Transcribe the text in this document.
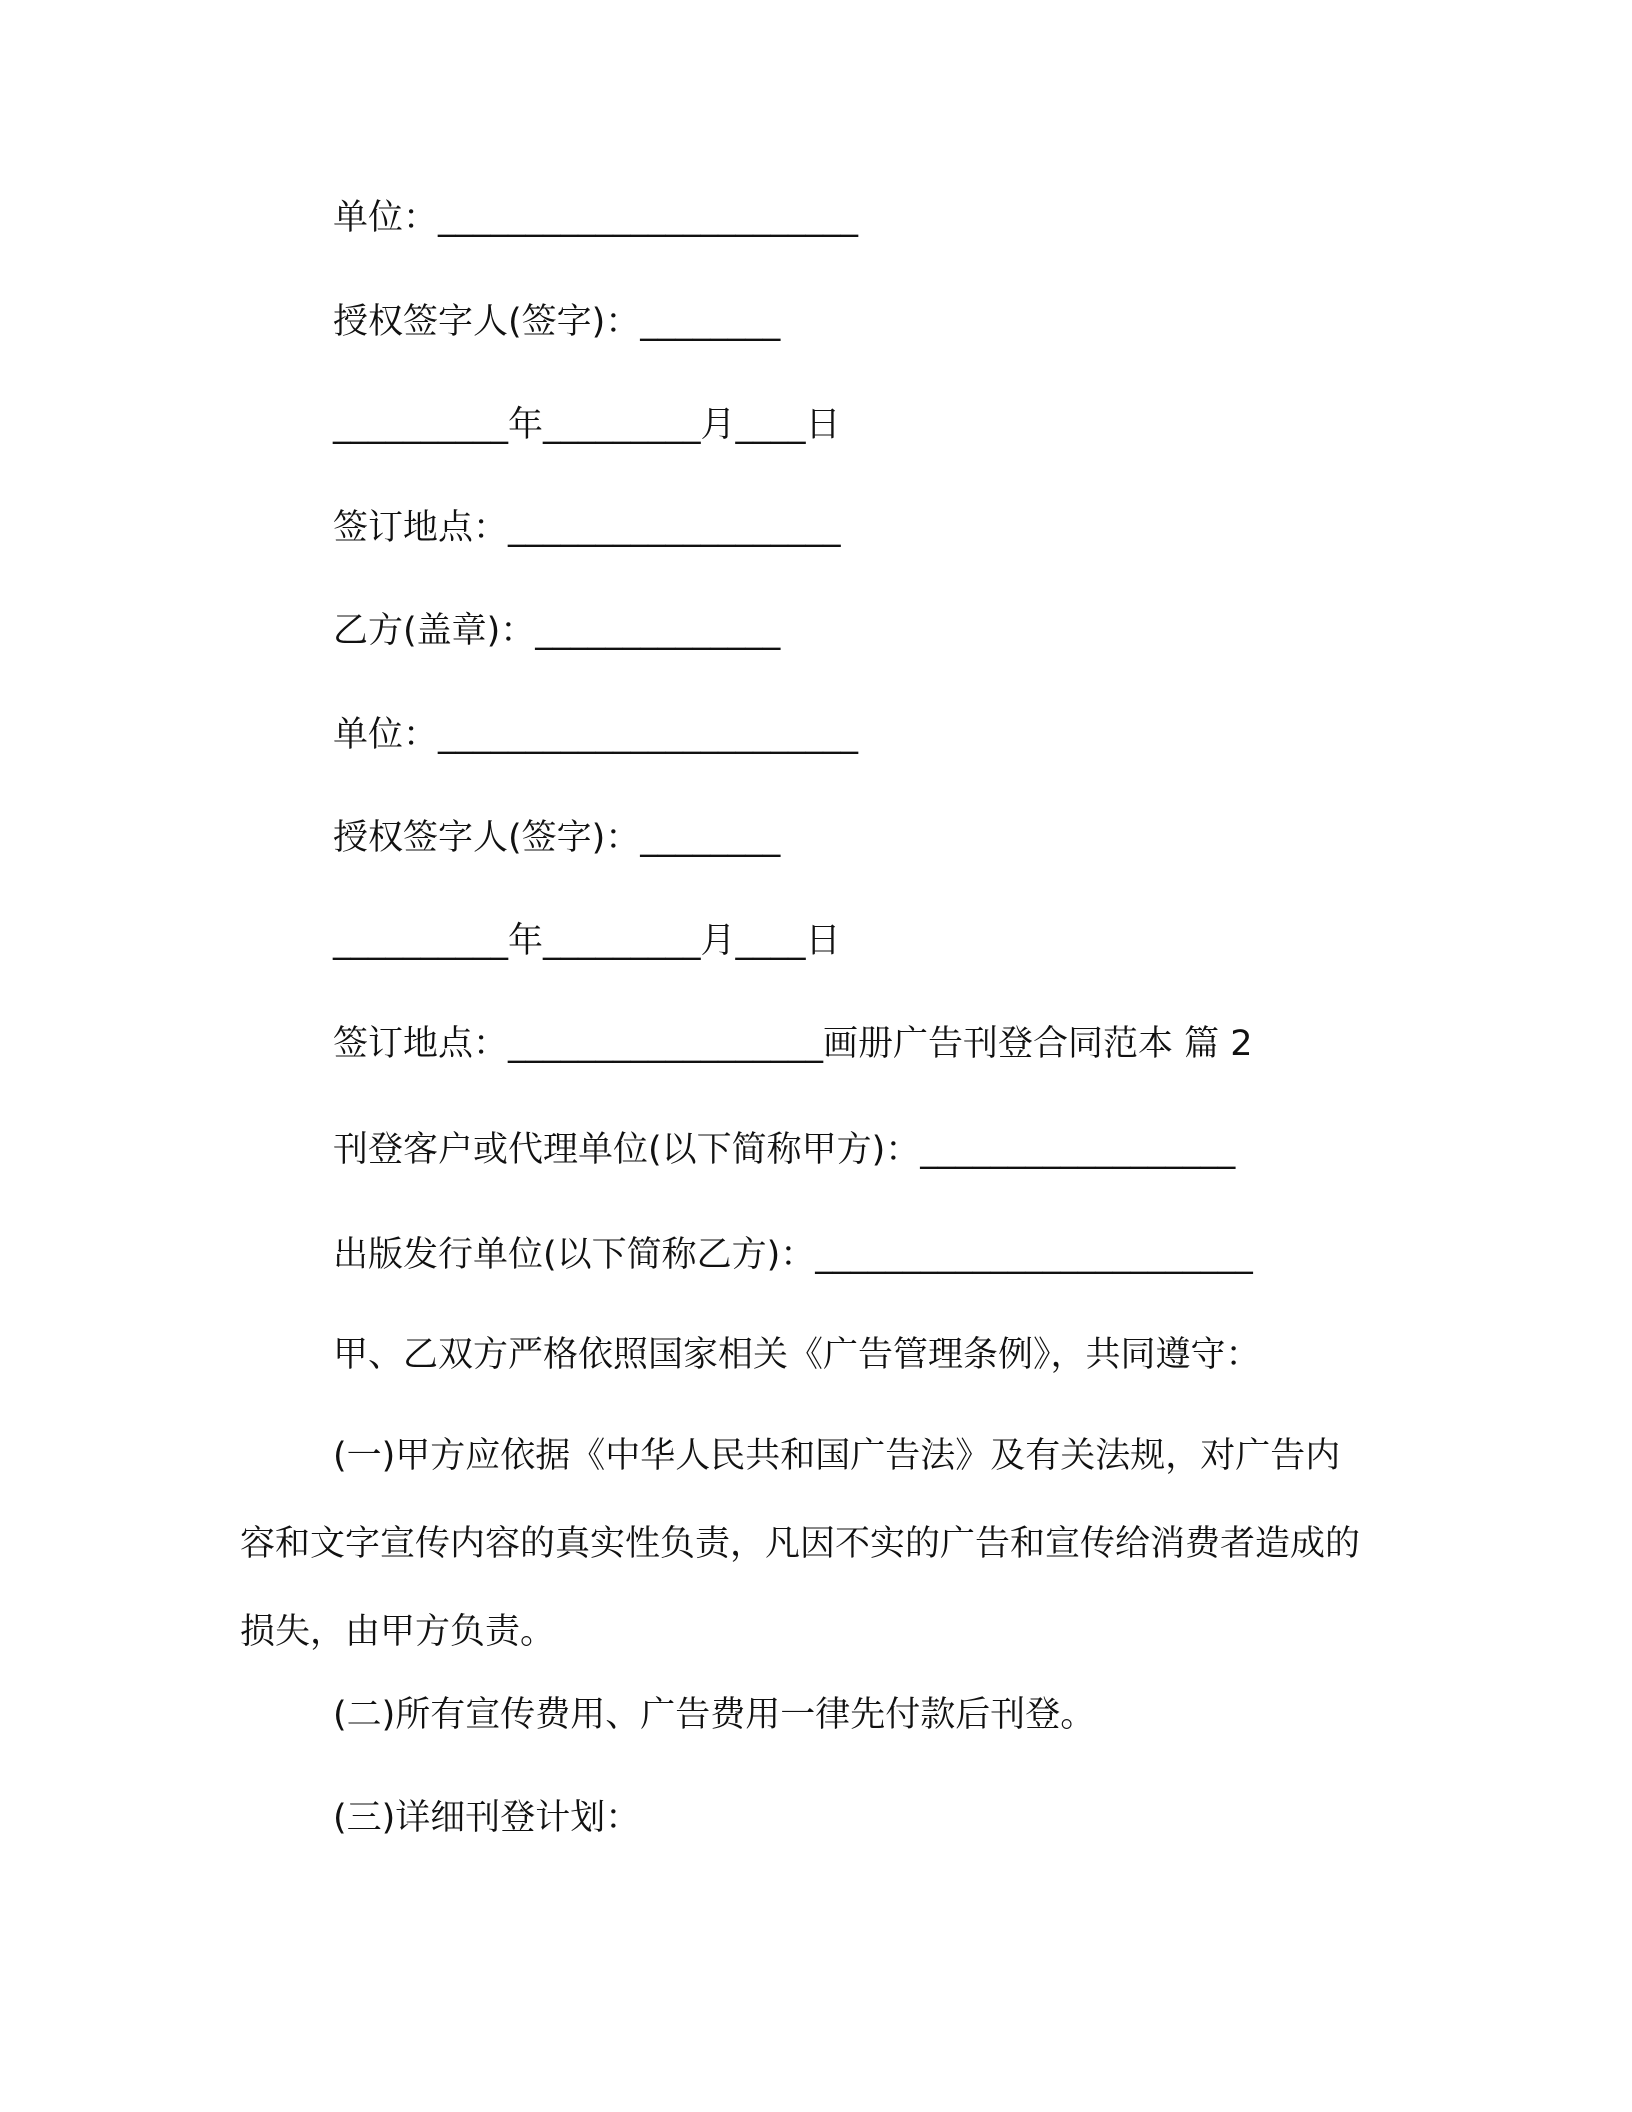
单位：________________________
授权签字人(签字)：________
__________年_________月____日
签订地点：___________________
乙方(盖章)：______________
单位：________________________
授权签字人(签字)：________
__________年_________月____日
签订地点：__________________画册广告刊登合同范本 篇 2
刊登客户或代理单位(以下简称甲方)：__________________
出版发行单位(以下简称乙方)：_________________________
甲、乙双方严格依照国家相关《广告管理条例》，共同遵守：
(一)甲方应依据《中华人民共和国广告法》及有关法规，对广告内容和文字宣传内容的真实性负责，凡因不实的广告和宣传给消费者造成的损失，由甲方负责。
(二)所有宣传费用、广告费用一律先付款后刊登。
(三)详细刊登计划：
